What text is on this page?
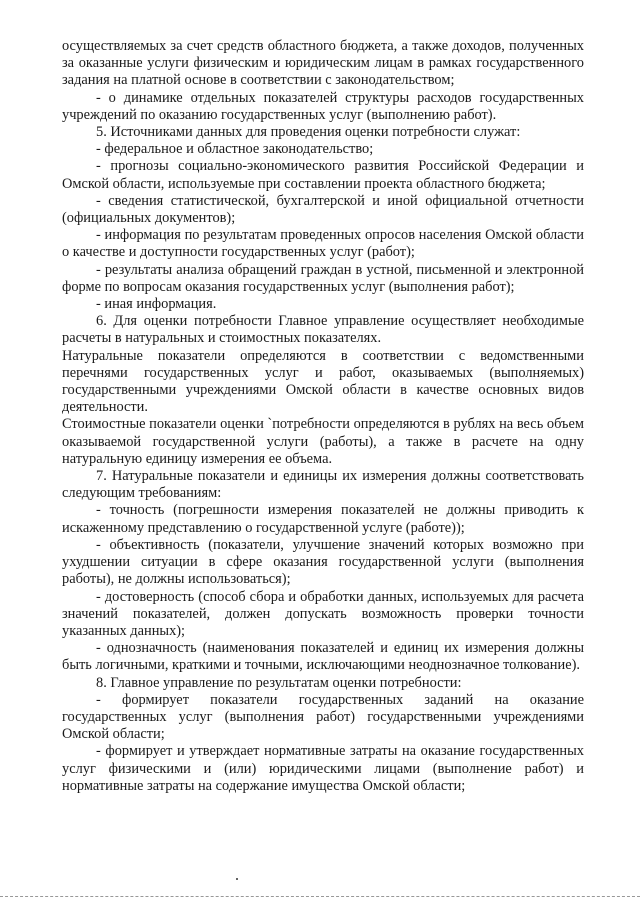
осуществляемых за счет средств областного бюджета, а также доходов, полученных за оказанные услуги физическим и юридическим лицам в рамках государственного задания на платной основе в соответствии с законодательством;

- о динамике отдельных показателей структуры расходов государственных учреждений по оказанию государственных услуг (выполнению работ).

5. Источниками данных для проведения оценки потребности служат:

- федеральное и областное законодательство;

- прогнозы социально-экономического развития Российской Федерации и Омской области, используемые при составлении проекта областного бюджета;

- сведения статистической, бухгалтерской и иной официальной отчетности (официальных документов);

- информация по результатам проведенных опросов населения Омской области о качестве и доступности государственных услуг (работ);

- результаты анализа обращений граждан в устной, письменной и электронной форме по вопросам оказания государственных услуг (выполнения работ);

- иная информация.

6. Для оценки потребности Главное управление осуществляет необходимые расчеты в натуральных и стоимостных показателях.

Натуральные показатели определяются в соответствии с ведомственными перечнями государственных услуг и работ, оказываемых (выполняемых) государственными учреждениями Омской области в качестве основных видов деятельности.

Стоимостные показатели оценки `потребности определяются в рублях на весь объем оказываемой государственной услуги (работы), а также в расчете на одну натуральную единицу измерения ее объема.

7. Натуральные показатели и единицы их измерения должны соответствовать следующим требованиям:

- точность (погрешности измерения показателей не должны приводить к искаженному представлению о государственной услуге (работе));

- объективность (показатели, улучшение значений которых возможно при ухудшении ситуации в сфере оказания государственной услуги (выполнения работы), не должны использоваться);

- достоверность (способ сбора и обработки данных, используемых для расчета значений показателей, должен допускать возможность проверки точности указанных данных);

- однозначность (наименования показателей и единиц их измерения должны быть логичными, краткими и точными, исключающими неоднозначное толкование).

8. Главное управление по результатам оценки потребности:

- формирует показатели государственных заданий на оказание государственных услуг (выполнения работ) государственными учреждениями Омской области;

- формирует и утверждает нормативные затраты на оказание государственных услуг физическими и (или) юридическими лицами (выполнение работ) и нормативные затраты на содержание имущества Омской области;
